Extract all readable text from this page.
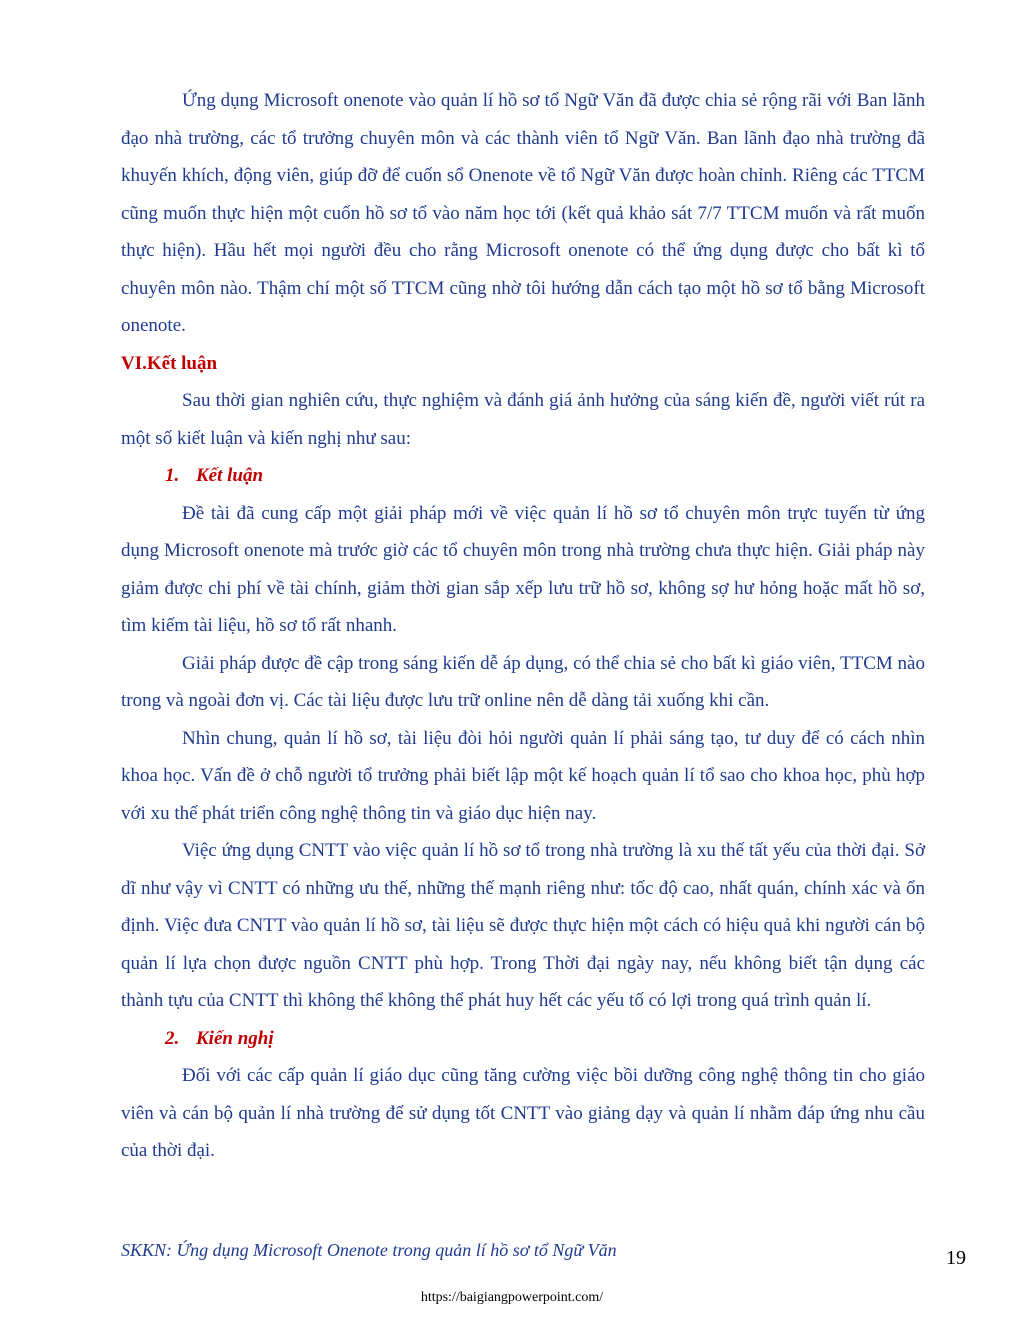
Ứng dụng Microsoft onenote vào quản lí hồ sơ tổ Ngữ Văn đã được chia sẻ rộng rãi với Ban lãnh đạo nhà trường, các tổ trưởng chuyên môn và các thành viên tổ Ngữ Văn. Ban lãnh đạo nhà trường đã khuyến khích, động viên, giúp đỡ để cuốn sổ Onenote về tổ Ngữ Văn được hoàn chỉnh. Riêng các TTCM cũng muốn thực hiện một cuốn hồ sơ tổ vào năm học tới (kết quả khảo sát 7/7 TTCM muốn và rất muốn thực hiện). Hầu hết mọi người đều cho rằng Microsoft onenote có thể ứng dụng được cho bất kì tổ chuyên môn nào. Thậm chí một số TTCM cũng nhờ tôi hướng dẫn cách tạo một hồ sơ tổ bằng Microsoft onenote.

VI.Kết luận

Sau thời gian nghiên cứu, thực nghiệm và đánh giá ảnh hưởng của sáng kiến đề, người viết rút ra một số kiết luận và kiến nghị như sau:

1. Kết luận

Đề tài đã cung cấp một giải pháp mới về việc quản lí hồ sơ tổ chuyên môn trực tuyến từ ứng dụng Microsoft onenote mà trước giờ các tổ chuyên môn trong nhà trường chưa thực hiện. Giải pháp này giảm được chi phí về tài chính, giảm thời gian sắp xếp lưu trữ hồ sơ, không sợ hư hỏng hoặc mất hồ sơ, tìm kiếm tài liệu, hồ sơ tổ rất nhanh.

Giải pháp được đề cập trong sáng kiến dễ áp dụng, có thể chia sẻ cho bất kì giáo viên, TTCM nào trong và ngoài đơn vị. Các tài liệu được lưu trữ online nên dễ dàng tải xuống khi cần.

Nhìn chung, quản lí hồ sơ, tài liệu đòi hỏi người quản lí phải sáng tạo, tư duy để có cách nhìn khoa học. Vấn đề ở chỗ người tổ trưởng phải biết lập một kế hoạch quản lí tổ sao cho khoa học, phù hợp với xu thế phát triển công nghệ thông tin và giáo dục hiện nay.

Việc ứng dụng CNTT vào việc quản lí hồ sơ tổ trong nhà trường là xu thế tất yếu của thời đại. Sở dĩ như vậy vì CNTT có những ưu thế, những thế mạnh riêng như: tốc độ cao, nhất quán, chính xác và ổn định. Việc đưa CNTT vào quản lí hồ sơ, tài liệu sẽ được thực hiện một cách có hiệu quả khi người cán bộ quản lí lựa chọn được nguồn CNTT phù hợp. Trong Thời đại ngày nay, nếu không biết tận dụng các thành tựu của CNTT thì không thể không thể phát huy hết các yếu tố có lợi trong quá trình quản lí.

2. Kiến nghị

Đối với các cấp quản lí giáo dục cũng tăng cường việc bồi dưỡng công nghệ thông tin cho giáo viên và cán bộ quản lí nhà trường để sử dụng tốt CNTT vào giảng dạy và quản lí nhằm đáp ứng nhu cầu của thời đại.

SKKN: Ứng dụng Microsoft Onenote trong quản lí hồ sơ tổ Ngữ Văn	19
https://baigiangpowerpoint.com/
